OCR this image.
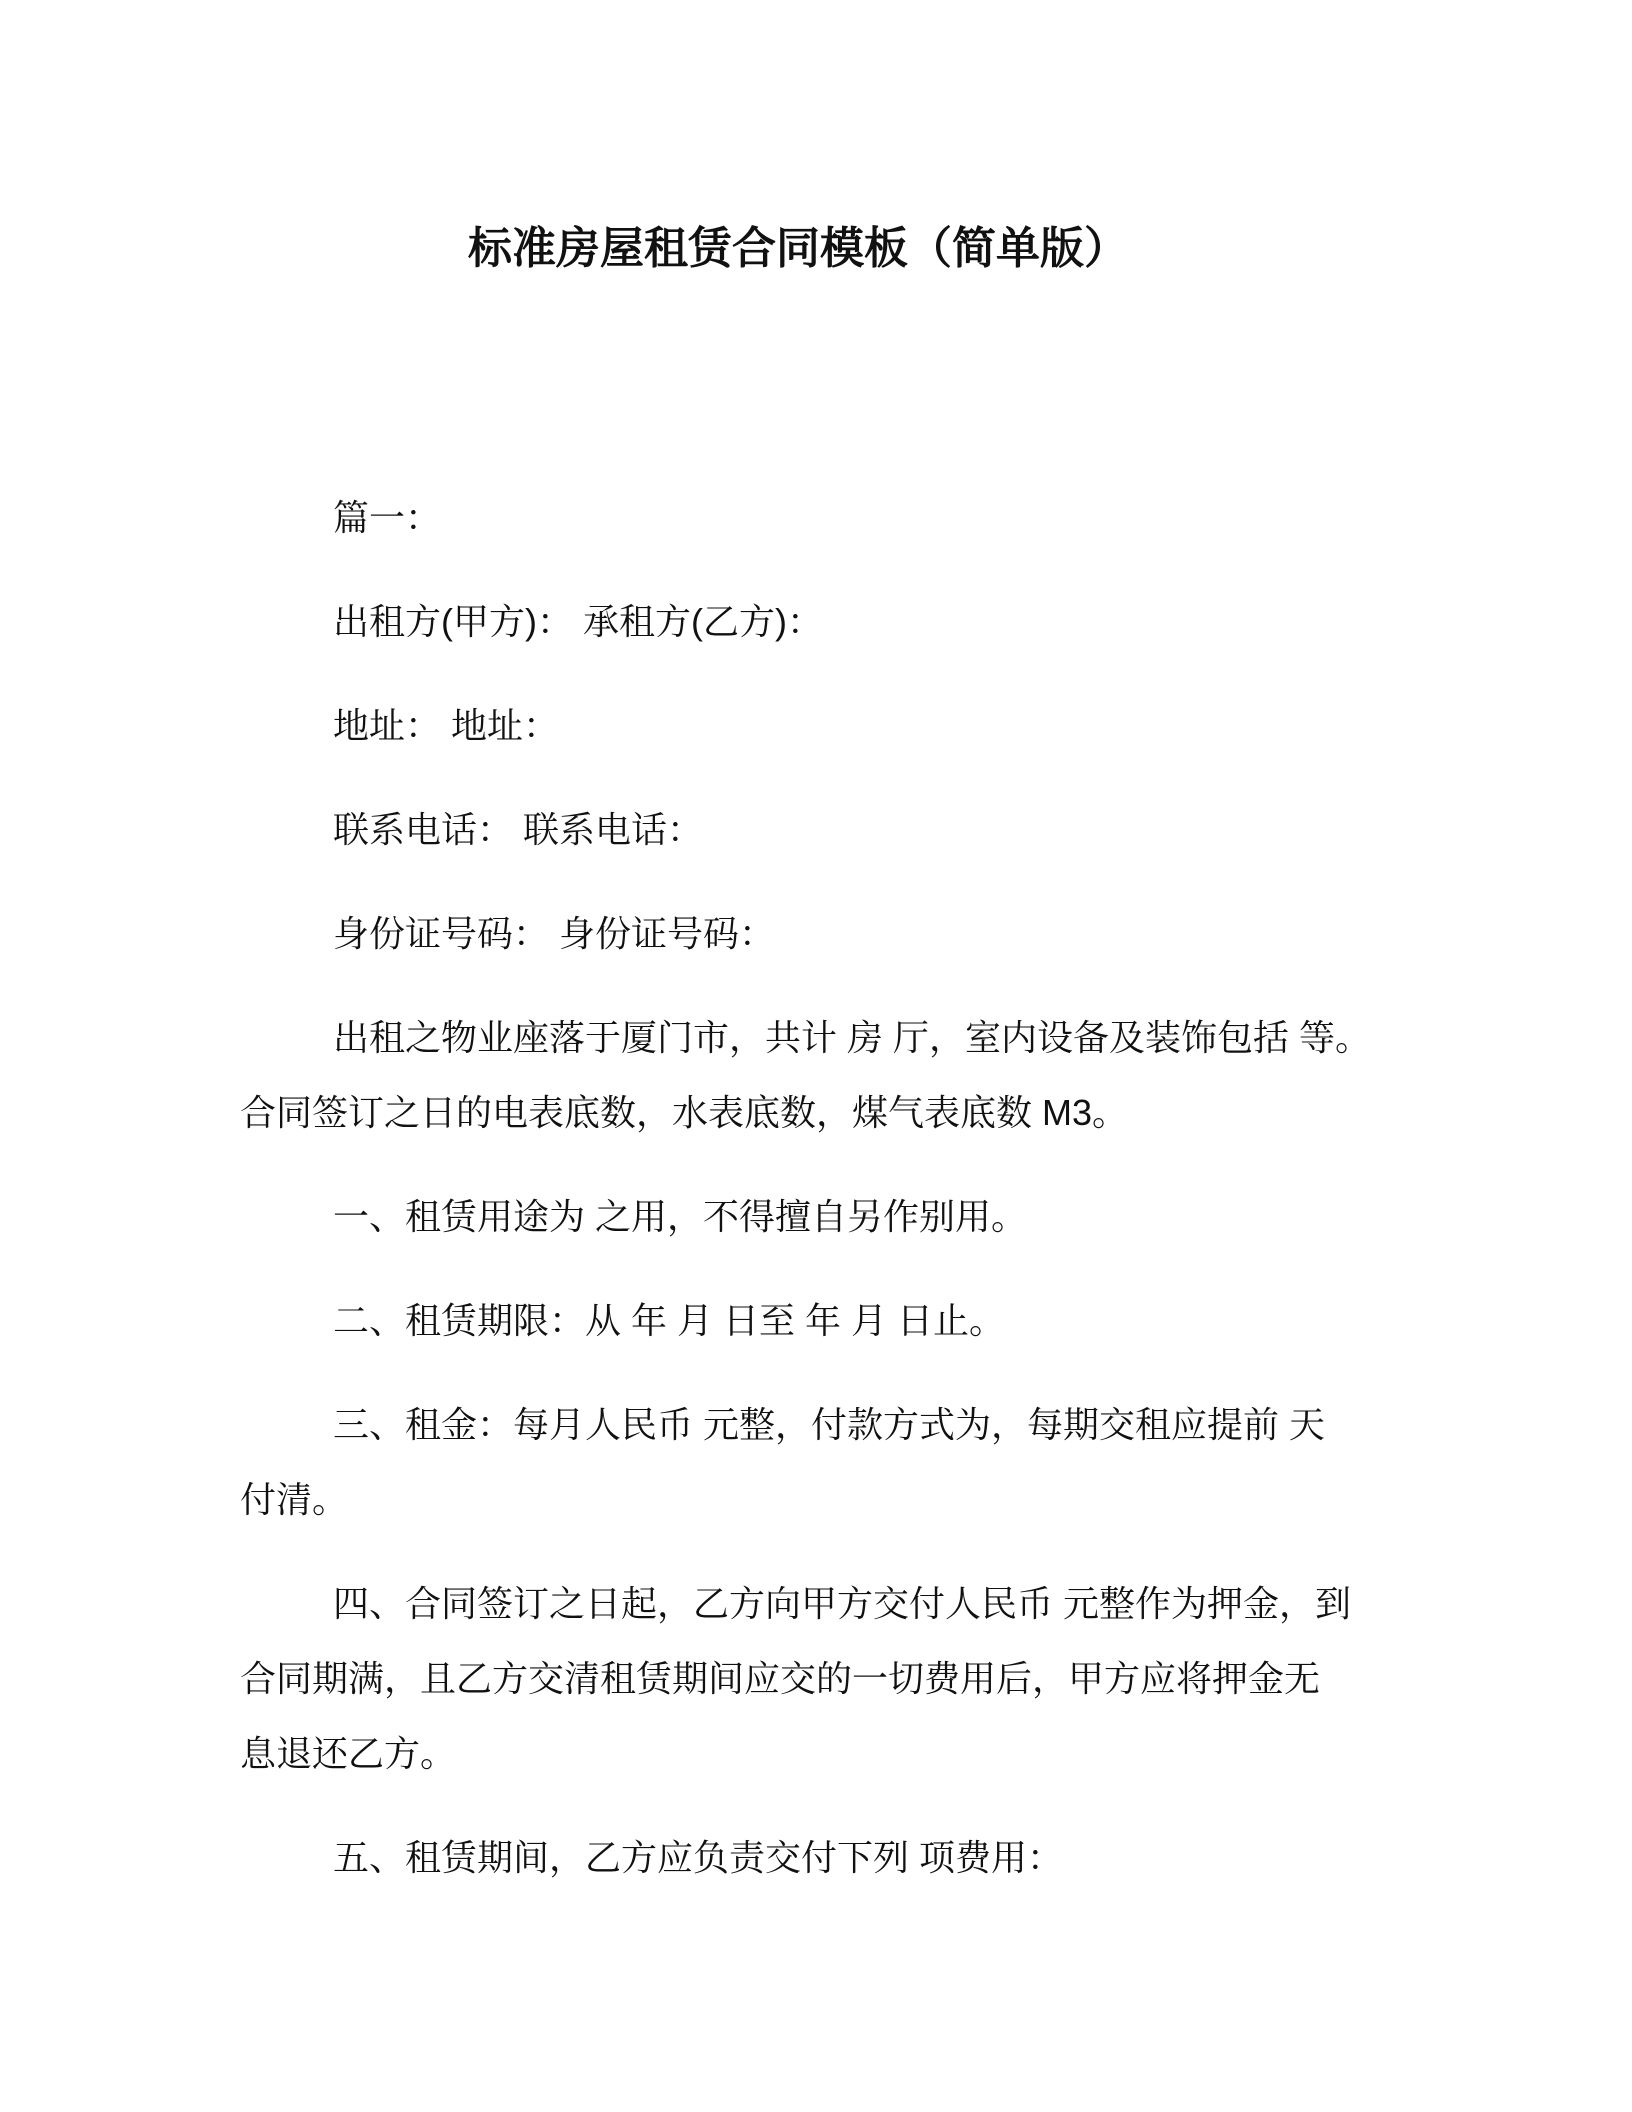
标准房屋租赁合同模板（简单版）
篇一：
出租方(甲方)： 承租方(乙方)：
地址： 地址：
联系电话： 联系电话：
身份证号码： 身份证号码：
出租之物业座落于厦门市，共计 房 厅，室内设备及装饰包括 等。
合同签订之日的电表底数，水表底数，煤气表底数 M3。
一、租赁用途为 之用，不得擅自另作别用。
二、租赁期限：从 年 月 日至 年 月 日止。
三、租金：每月人民币 元整，付款方式为，每期交租应提前 天
付清。
四、合同签订之日起，乙方向甲方交付人民币 元整作为押金，到
合同期满，且乙方交清租赁期间应交的一切费用后，甲方应将押金无
息退还乙方。
五、租赁期间，乙方应负责交付下列 项费用：
